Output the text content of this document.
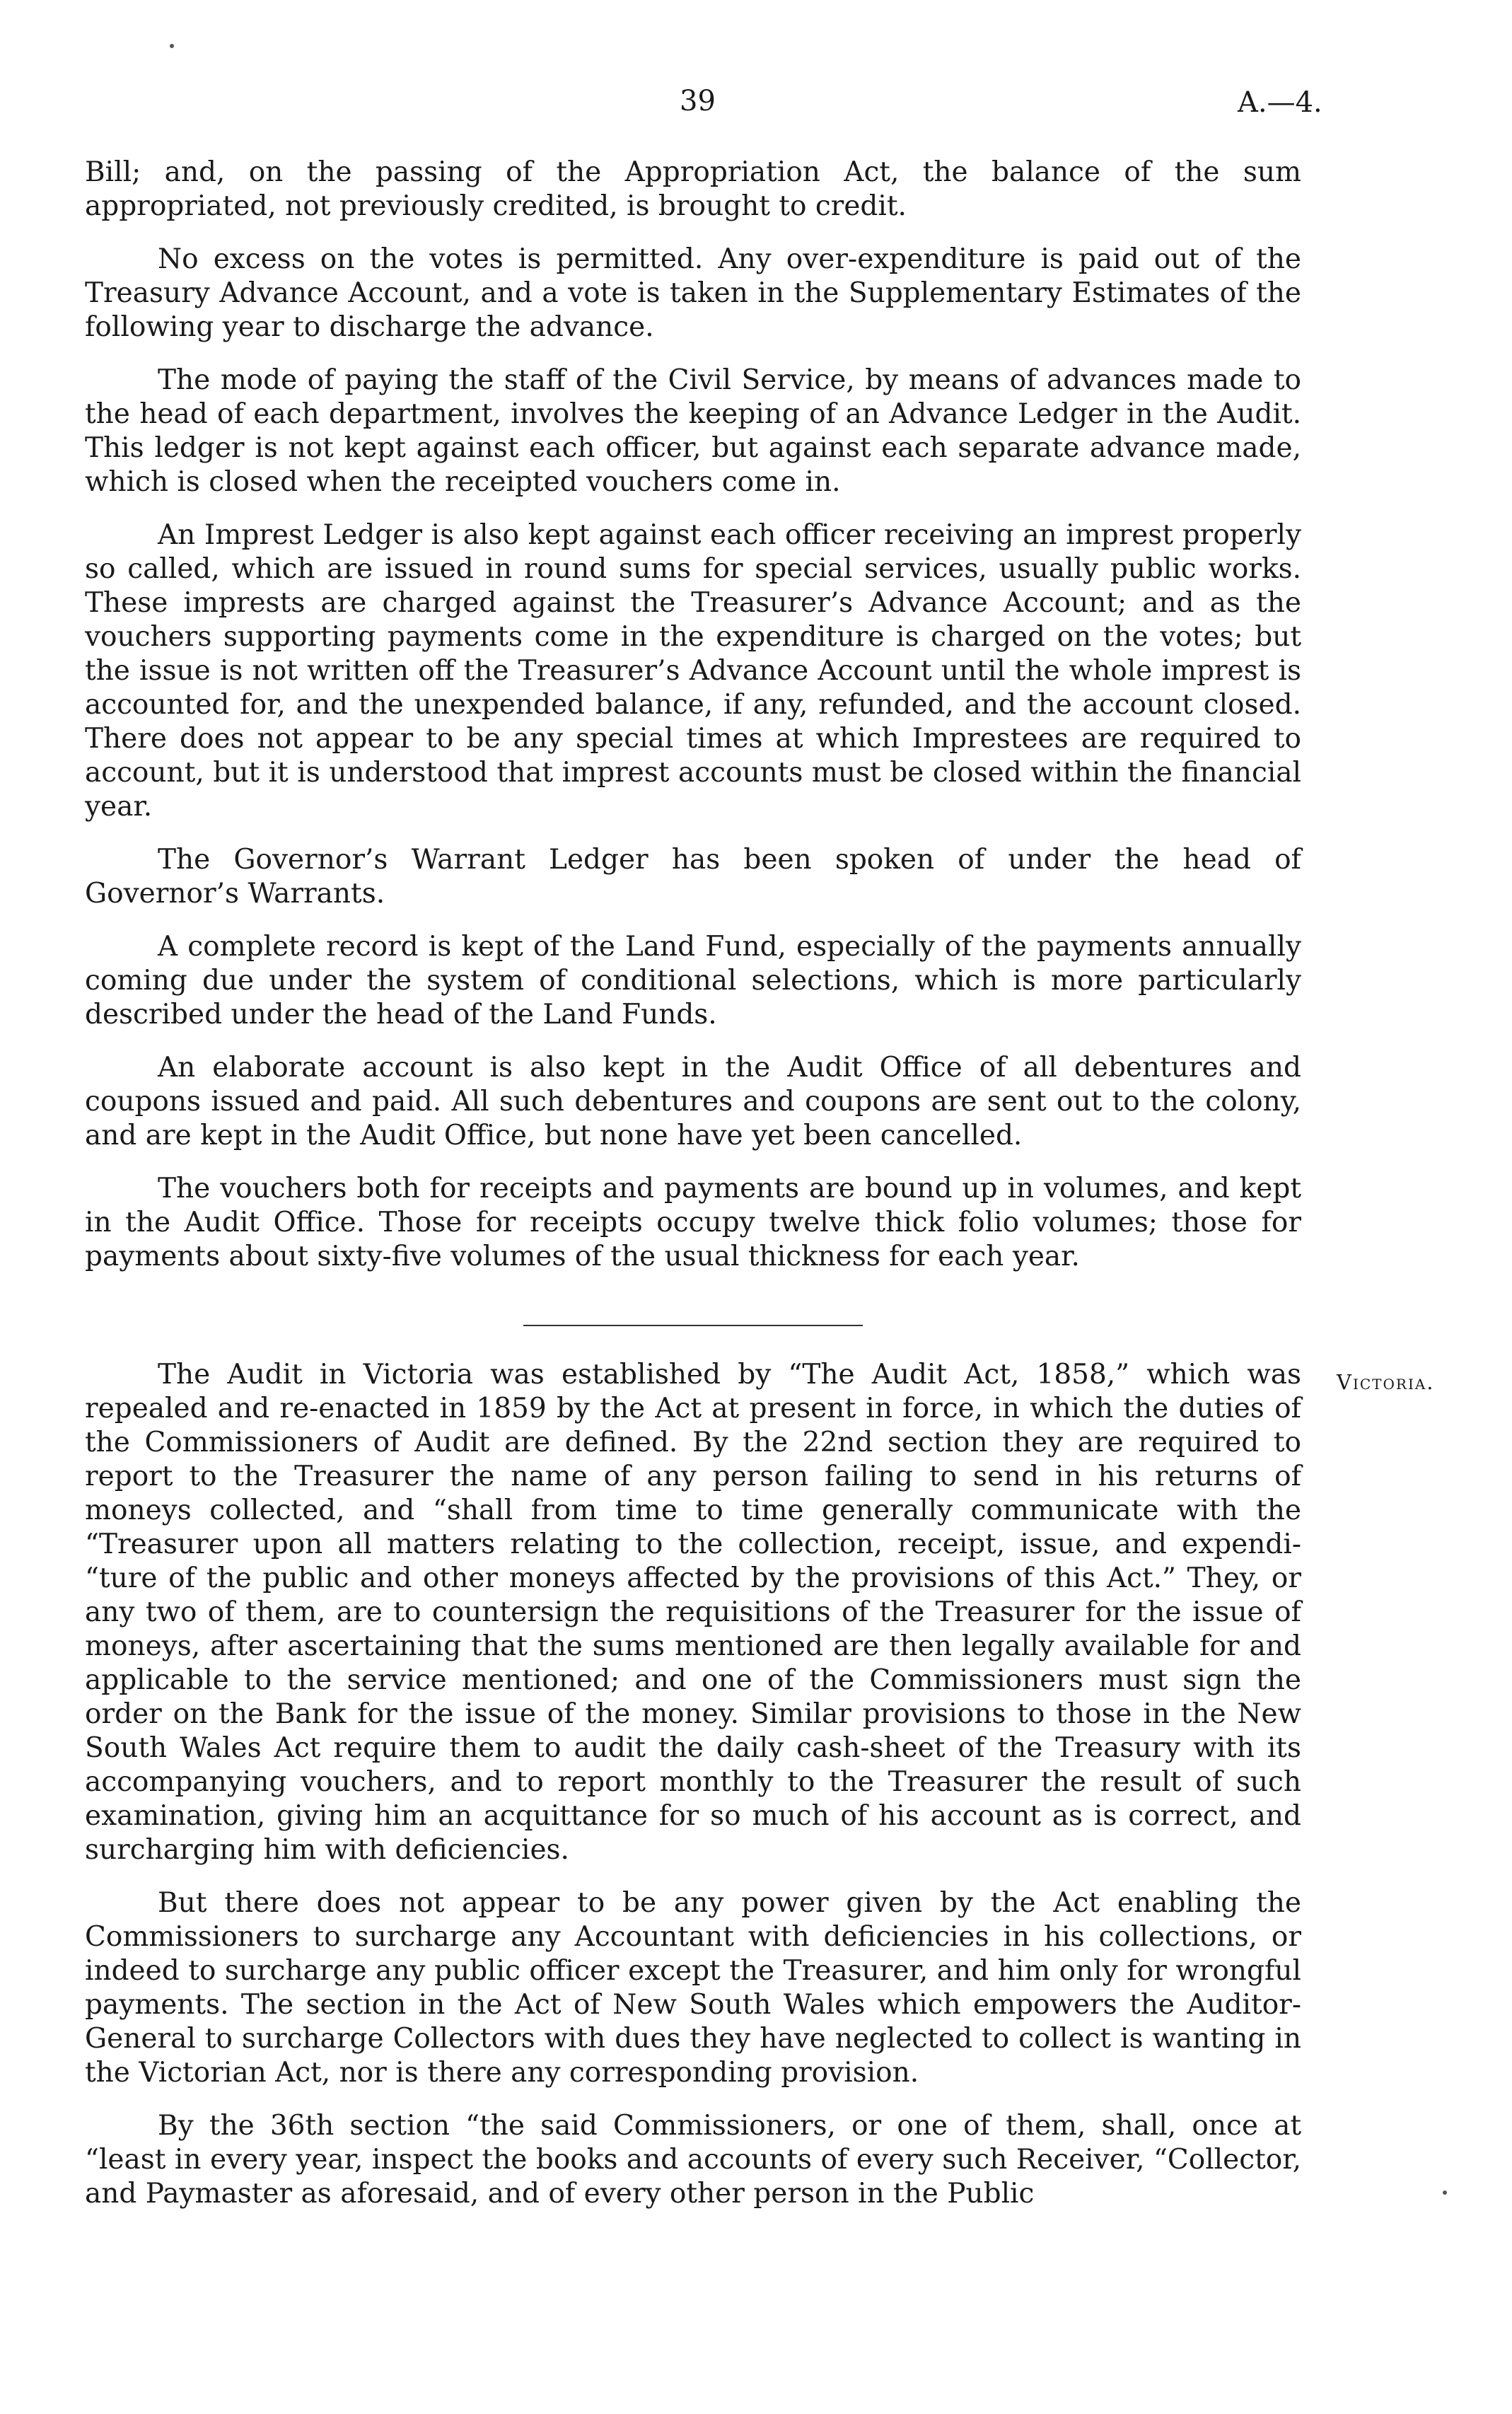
39	A.—4.

Bill; and, on the passing of the Appropriation Act, the balance of the sum appropriated, not previously credited, is brought to credit.

No excess on the votes is permitted. Any over-expenditure is paid out of the Treasury Advance Account, and a vote is taken in the Supplementary Estimates of the following year to discharge the advance.

The mode of paying the staff of the Civil Service, by means of advances made to the head of each department, involves the keeping of an Advance Ledger in the Audit. This ledger is not kept against each officer, but against each separate advance made, which is closed when the receipted vouchers come in.

An Imprest Ledger is also kept against each officer receiving an imprest properly so called, which are issued in round sums for special services, usually public works. These imprests are charged against the Treasurer’s Advance Account; and as the vouchers supporting payments come in the expenditure is charged on the votes; but the issue is not written off the Treasurer’s Advance Account until the whole imprest is accounted for, and the unexpended balance, if any, refunded, and the account closed. There does not appear to be any special times at which Imprestees are required to account, but it is understood that imprest accounts must be closed within the financial year.

The Governor’s Warrant Ledger has been spoken of under the head of Governor’s Warrants.

A complete record is kept of the Land Fund, especially of the payments annually coming due under the system of conditional selections, which is more particularly described under the head of the Land Funds.

An elaborate account is also kept in the Audit Office of all debentures and coupons issued and paid. All such debentures and coupons are sent out to the colony, and are kept in the Audit Office, but none have yet been cancelled.

The vouchers both for receipts and payments are bound up in volumes, and kept in the Audit Office. Those for receipts occupy twelve thick folio volumes; those for payments about sixty-five volumes of the usual thickness for each year.

Victoria.

The Audit in Victoria was established by “The Audit Act, 1858,” which was repealed and re-enacted in 1859 by the Act at present in force, in which the duties of the Commissioners of Audit are defined. By the 22nd section they are required to report to the Treasurer the name of any person failing to send in his returns of moneys collected, and “shall from time to time generally communicate with the “Treasurer upon all matters relating to the collection, receipt, issue, and expendi- “ture of the public and other moneys affected by the provisions of this Act.” They, or any two of them, are to countersign the requisitions of the Treasurer for the issue of moneys, after ascertaining that the sums mentioned are then legally available for and applicable to the service mentioned; and one of the Commissioners must sign the order on the Bank for the issue of the money. Similar provisions to those in the New South Wales Act require them to audit the daily cash-sheet of the Treasury with its accompanying vouchers, and to report monthly to the Treasurer the result of such examination, giving him an acquittance for so much of his account as is correct, and surcharging him with deficiencies.

But there does not appear to be any power given by the Act enabling the Commissioners to surcharge any Accountant with deficiencies in his collections, or indeed to surcharge any public officer except the Treasurer, and him only for wrongful payments. The section in the Act of New South Wales which empowers the Auditor-General to surcharge Collectors with dues they have neglected to collect is wanting in the Victorian Act, nor is there any corresponding provision.

By the 36th section “the said Commissioners, or one of them, shall, once at “least in every year, inspect the books and accounts of every such Receiver, “Collector, and Paymaster as aforesaid, and of every other person in the Public
